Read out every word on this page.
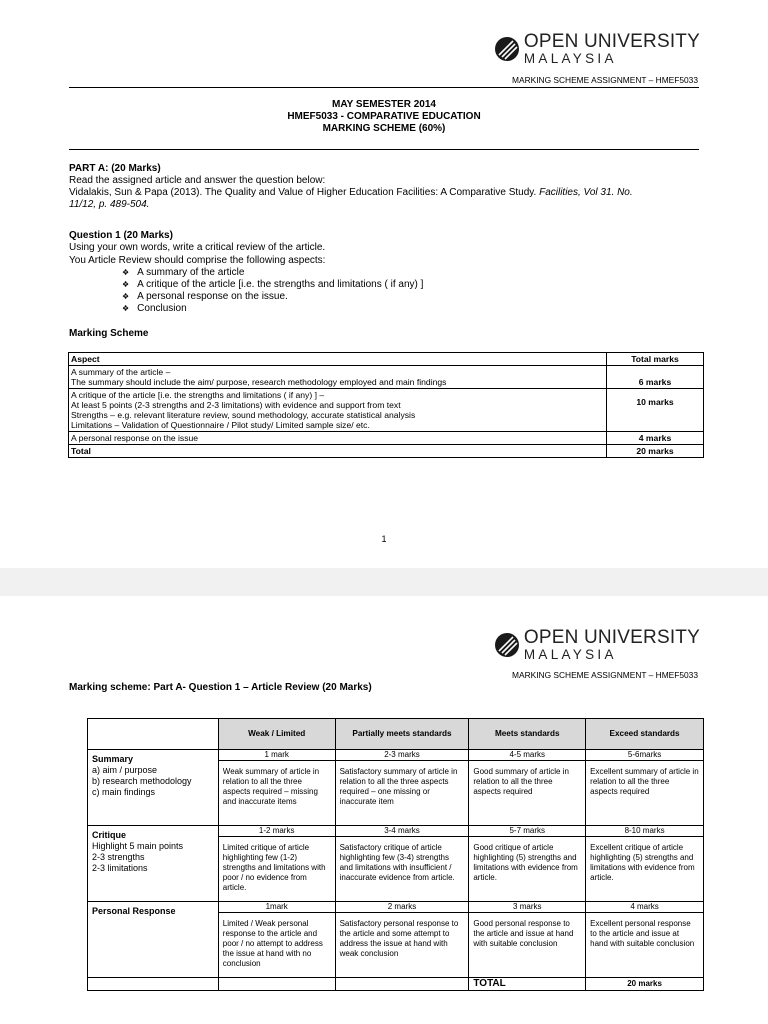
OPEN UNIVERSITY
MALAYSIA
MARKING SCHEME ASSIGNMENT – HMEF5033
MAY SEMESTER 2014
HMEF5033 - COMPARATIVE EDUCATION
MARKING SCHEME (60%)
PART A: (20 Marks)
Read the assigned article and answer the question below:
Vidalakis, Sun & Papa (2013). The Quality and Value of Higher Education Facilities: A Comparative Study. Facilities, Vol 31. No.
11/12, p. 489-504.
Question 1 (20 Marks)
Using your own words, write a critical review of the article.
You Article Review should comprise the following aspects:
❖ A summary of the article
❖ A critique of the article [i.e. the strengths and limitations ( if any) ]
❖ A personal response on the issue.
❖ Conclusion
Marking Scheme
Aspect	Total marks

A summary of the article –
The summary should include the aim/ purpose, research methodology employed and main findings	6 marks

A critique of the article [i.e. the strengths and limitations ( if any) ] –
At least 5 points (2-3 strengths and 2-3 limitations) with evidence and support from text
Strengths – e.g. relevant literature review, sound methodology, accurate statistical analysis
Limitations – Validation of Questionnaire / Pilot study/ Limited sample size/ etc.	10 marks
A personal response on the issue	4 marks
Total	20 marks
1
OPEN UNIVERSITY
MALAYSIA
MARKING SCHEME ASSIGNMENT – HMEF5033
Marking scheme: Part A- Question 1 – Article Review (20 Marks)
	Weak / Limited	Partially meets standards	Meets standards	Exceed standards

Summary
a) aim / purpose
b) research methodology
c) main findings	1 mark	2-3 marks	4-5 marks	5-6marks
	Weak summary of article in relation to all the three aspects required – missing and inaccurate items	Satisfactory summary of article in relation to all the three aspects required – one missing or inaccurate item	Good summary of article in relation to all the three aspects required	Excellent summary of article in relation to all the three aspects required

Critique
Highlight 5 main points
2-3 strengths
2-3 limitations	1-2 marks	3-4 marks	5-7 marks	8-10 marks
	Limited critique of article highlighting few (1-2) strengths and limitations with poor / no evidence from article.	Satisfactory critique of article highlighting few (3-4) strengths and limitations with insufficient / inaccurate evidence from article.	Good critique of article highlighting (5) strengths and limitations with evidence from article.	Excellent critique of article highlighting (5) strengths and limitations with evidence from article.

Personal Response	1mark	2 marks	3 marks	4 marks
	Limited / Weak personal response to the article and poor / no attempt to address the issue at hand with no conclusion	Satisfactory personal response to the article and some attempt to address the issue at hand with weak conclusion	Good personal response to the article and issue at hand with suitable conclusion	Excellent personal response to the article and issue at hand with suitable conclusion
			TOTAL	20 marks
